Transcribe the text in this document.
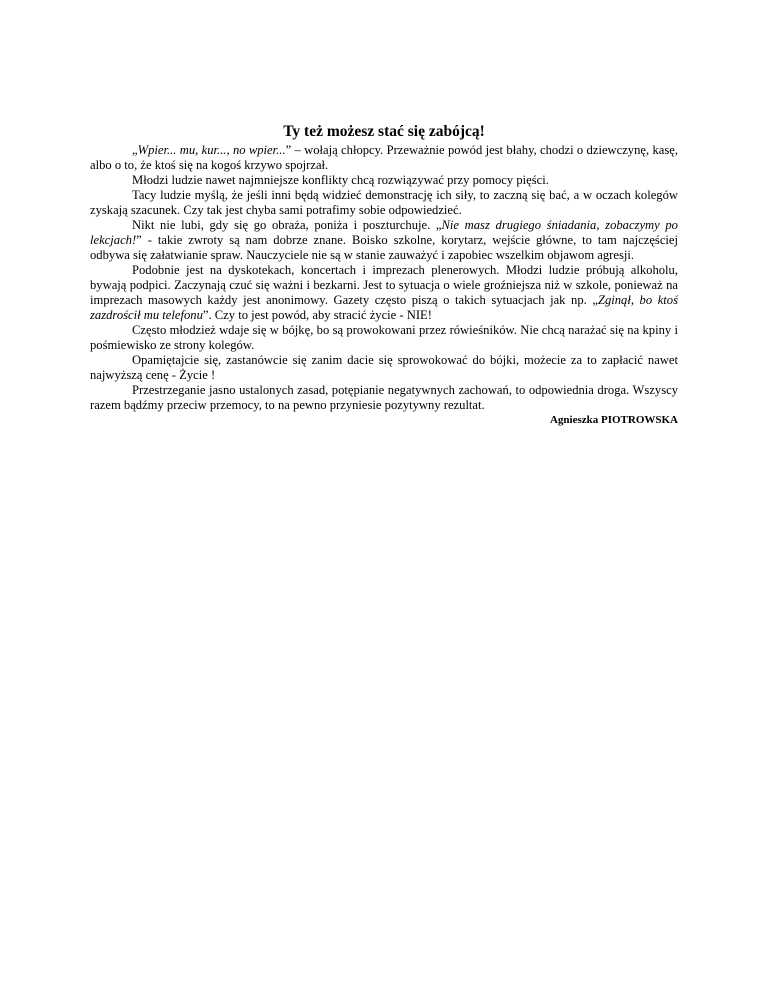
Ty też możesz stać się zabójcą!

„Wpier... mu, kur..., no wpier...” – wołają chłopcy. Przeważnie powód jest błahy, chodzi o dziewczynę, kasę, albo o to, że ktoś się na kogoś krzywo spojrzał.

Młodzi ludzie nawet najmniejsze konflikty chcą rozwiązywać przy pomocy pięści.

Tacy ludzie myślą, że jeśli inni będą widzieć demonstrację ich siły, to zaczną się bać, a w oczach kolegów zyskają szacunek. Czy tak jest chyba sami potrafimy sobie odpowiedzieć.

Nikt nie lubi, gdy się go obraża, poniża i poszturchuje. „Nie masz drugiego śniadania, zobaczymy po lekcjach!” - takie zwroty są nam dobrze znane. Boisko szkolne, korytarz, wejście główne, to tam najczęściej odbywa się załatwianie spraw. Nauczyciele nie są w stanie zauważyć i zapobiec wszelkim objawom agresji.

Podobnie jest na dyskotekach, koncertach i imprezach plenerowych. Młodzi ludzie próbują alkoholu, bywają podpici. Zaczynają czuć się ważni i bezkarni. Jest to sytuacja o wiele groźniejsza niż w szkole, ponieważ na imprezach masowych każdy jest anonimowy. Gazety często piszą o takich sytuacjach jak np. „Zginął, bo ktoś zazdrościł mu telefonu”. Czy to jest powód, aby stracić życie - NIE!

Często młodzież wdaje się w bójkę, bo są prowokowani przez rówieśników. Nie chcą narażać się na kpiny i pośmiewisko ze strony kolegów.

Opamiętajcie się, zastanówcie się zanim dacie się sprowokować do bójki, możecie za to zapłacić nawet najwyższą cenę - Życie !

Przestrzeganie jasno ustalonych zasad, potępianie negatywnych zachowań, to odpowiednia droga. Wszyscy razem bądźmy przeciw przemocy, to na pewno przyniesie pozytywny rezultat.

Agnieszka PIOTROWSKA
